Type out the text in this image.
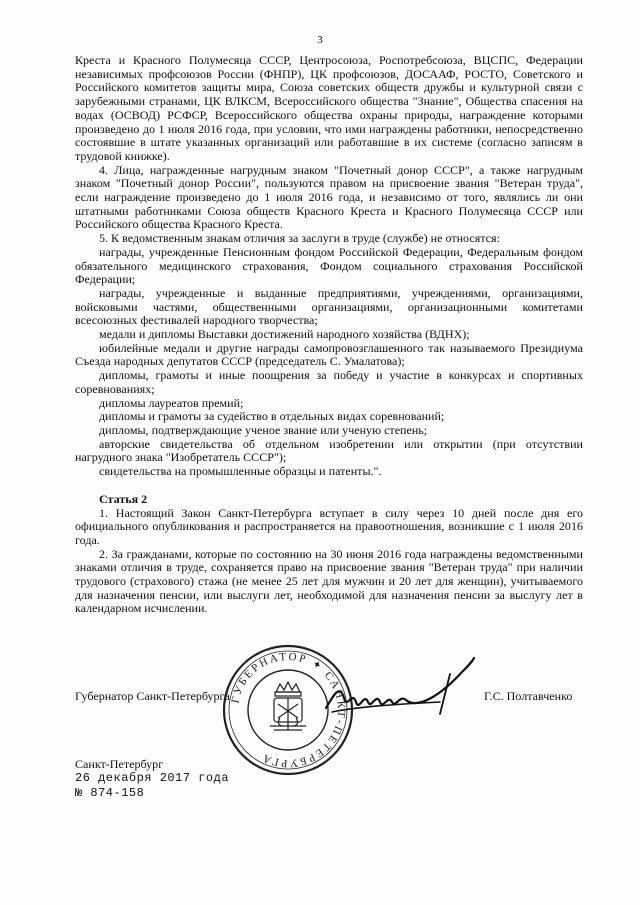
3

Креста и Красного Полумесяца СССР, Центросоюза, Роспотребсоюза, ВЦСПС, Федерации независимых профсоюзов России (ФНПР), ЦК профсоюзов, ДОСААФ, РОСТО, Советского и Российского комитетов защиты мира, Союза советских обществ дружбы и культурной связи с зарубежными странами, ЦК ВЛКСМ, Всероссийского общества "Знание", Общества спасения на водах (ОСВОД) РСФСР, Всероссийского общества охраны природы, награждение которыми произведено до 1 июля 2016 года, при условии, что ими награждены работники, непосредственно состоявшие в штате указанных организаций или работавшие в их системе (согласно записям в трудовой книжке).

4. Лица, награжденные нагрудным знаком "Почетный донор СССР", а также нагрудным знаком "Почетный донор России", пользуются правом на присвоение звания "Ветеран труда", если награждение произведено до 1 июля 2016 года, и независимо от того, являлись ли они штатными работниками Союза обществ Красного Креста и Красного Полумесяца СССР или Российского общества Красного Креста.

5. К ведомственным знакам отличия за заслуги в труде (службе) не относятся:

награды, учрежденные Пенсионным фондом Российской Федерации, Федеральным фондом обязательного медицинского страхования, Фондом социального страхования Российской Федерации;

награды, учрежденные и выданные предприятиями, учреждениями, организациями, войсковыми частями, общественными организациями, организационными комитетами всесоюзных фестивалей народного творчества;

медали и дипломы Выставки достижений народного хозяйства (ВДНХ);

юбилейные медали и другие награды самопровозглашенного так называемого Президиума Съезда народных депутатов СССР (председатель С. Умалатова);

дипломы, грамоты и иные поощрения за победу и участие в конкурсах и спортивных соревнованиях;

дипломы лауреатов премий;

дипломы и грамоты за судейство в отдельных видах соревнований;

дипломы, подтверждающие ученое звание или ученую степень;

авторские свидетельства об отдельном изобретении или открытии (при отсутствии нагрудного знака "Изобретатель СССР");

свидетельства на промышленные образцы и патенты.".

Статья 2

1. Настоящий Закон Санкт-Петербурга вступает в силу через 10 дней после дня его официального опубликования и распространяется на правоотношения, возникшие с 1 июля 2016 года.

2. За гражданами, которые по состоянию на 30 июня 2016 года награждены ведомственными знаками отличия в труде, сохраняется право на присвоение звания "Ветеран труда" при наличии трудового (страхового) стажа (не менее 25 лет для мужчин и 20 лет для женщин), учитываемого для назначения пенсии, или выслуги лет, необходимой для назначения пенсии за выслугу лет в календарном исчислении.

ГУБЕРНАТОР ✦ САНКТ-ПЕТЕРБУРГА
Губернатор Санкт-Петербурга	Г.С. Полтавченко
Санкт-Петербург
26 декабря 2017 года
№ 874-158
